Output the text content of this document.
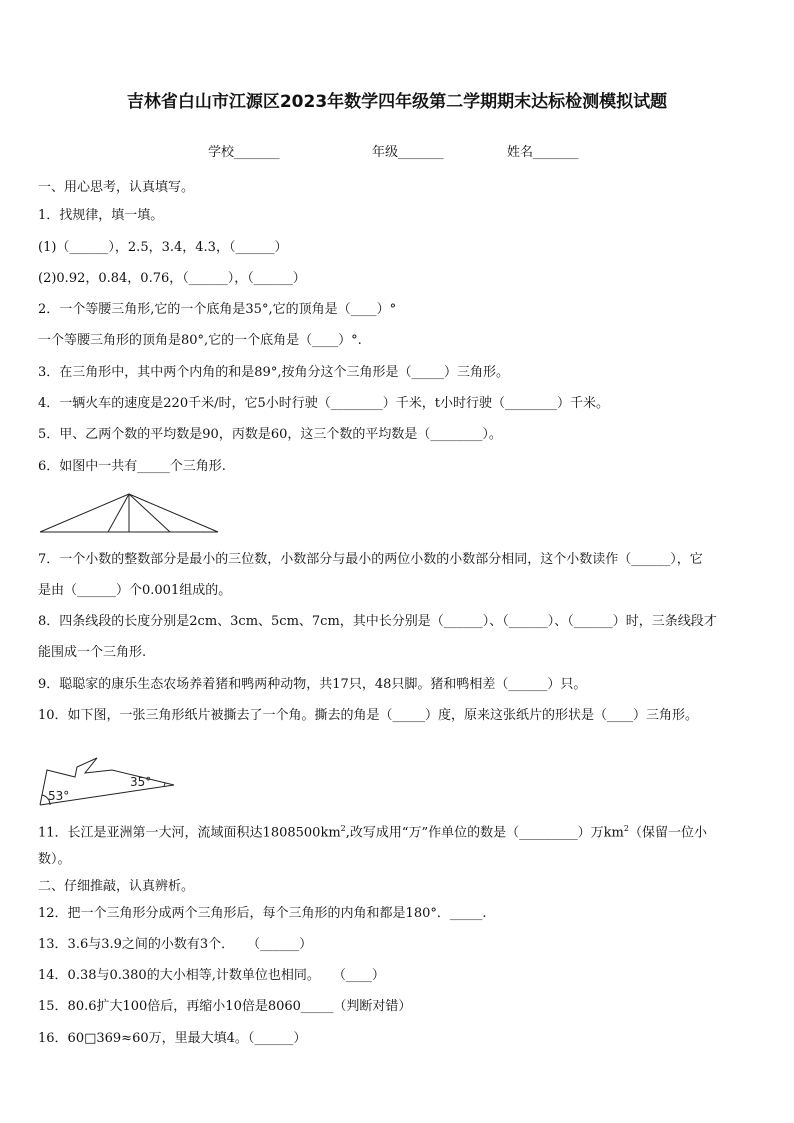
吉林省白山市江源区2023年数学四年级第二学期期末达标检测模拟试题
学校_______	年级_______	姓名_______
一、用心思考，认真填写。
1．找规律，填一填。
(1)（______），2.5，3.4，4.3，（______）
(2)0.92，0.84，0.76，（______），（______）
2．一个等腰三角形,它的一个底角是35°,它的顶角是（____）°
一个等腰三角形的顶角是80°,它的一个底角是（____）°.
3．在三角形中，其中两个内角的和是89°,按角分这个三角形是（_____）三角形。
4．一辆火车的速度是220千米/时，它5小时行驶（________）千米，t小时行驶（________）千米。
5．甲、乙两个数的平均数是90，丙数是60，这三个数的平均数是（________）。
6．如图中一共有_____个三角形.
7．一个小数的整数部分是最小的三位数，小数部分与最小的两位小数的小数部分相同，这个小数读作（______），它
是由（______）个0.001组成的。
8．四条线段的长度分别是2cm、3cm、5cm、7cm，其中长分别是（______）、（______）、（______）时，三条线段才
能围成一个三角形.
9．聪聪家的康乐生态农场养着猪和鸭两种动物，共17只，48只脚。猪和鸭相差（______）只。
10．如下图，一张三角形纸片被撕去了一个角。撕去的角是（_____）度，原来这张纸片的形状是（____）三角形。
53°
35°
11．长江是亚洲第一大河，流域面积达$1808500km^2$,改写成用“万”作单位的数是（_________）万$km^2$（保留一位小
数）。
二、仔细推敲，认真辨析。
12．把一个三角形分成两个三角形后，每个三角形的内角和都是180°．_____.
13．3.6与3.9之间的小数有3个．　　（______）
14．0.38与0.380的大小相等,计数单位也相同。　　（____）
15．80.6扩大100倍后，再缩小10倍是8060_____（判断对错）
16．60□369≈60万，里最大填4。（______）
